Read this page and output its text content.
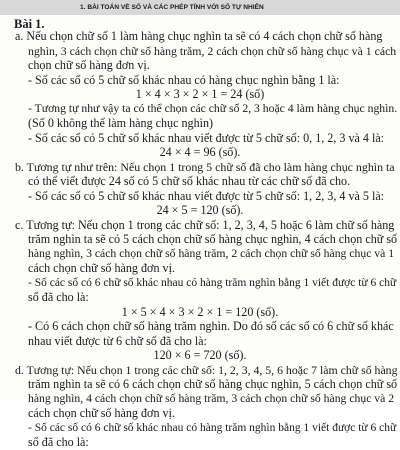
1. BÀI TOÁN VỀ SỐ VÀ CÁC PHÉP TÍNH VỚI SỐ TỰ NHIÊN
Bài 1.
a. Nếu chọn chữ số 1 làm hàng chục nghìn ta sẽ có 4 cách chọn chữ số hàng
nghìn, 3 cách chọn chữ số hàng trăm, 2 cách chọn chữ số hàng chục và 1 cách
chọn chữ số hàng đơn vị.
- Số các số có 5 chữ số khác nhau có hàng chục nghìn bằng 1 là:
1 × 4 × 3 × 2 × 1 = 24 (số)
- Tương tự như vậy ta có thể chọn các chữ số 2, 3 hoặc 4 làm hàng chục nghìn.
(Số 0 không thể làm hàng chục nghìn)
- Số các số có 5 chữ số khác nhau viết được từ 5 chữ số: 0, 1, 2, 3 và 4 là:
24 × 4 = 96 (số).
b. Tương tự như trên: Nếu chọn 1 trong 5 chữ số đã cho làm hàng chục nghìn ta
có thể viết được 24 số có 5 chữ số khác nhau từ các chữ số đã cho.
- Số các số có 5 chữ số khác nhau viết được từ 5 chữ số: 1, 2, 3, 4 và 5 là:
24 × 5 = 120 (số).
c. Tương tự: Nếu chọn 1 trong các chữ số: 1, 2, 3, 4, 5 hoặc 6 làm chữ số hàng
trăm nghìn ta sẽ có 5 cách chọn chữ số hàng chục nghìn, 4 cách chọn chữ số
hàng nghìn, 3 cách chọn chữ số hàng trăm, 2 cách chọn chữ số hàng chục và 1
cách chọn chữ số hàng đơn vị.
- Số các số có 6 chữ số khác nhau có hàng trăm nghìn bằng 1 viết được từ 6 chữ
số đã cho là:
1 × 5 × 4 × 3 × 2 × 1 = 120 (số).
- Có 6 cách chọn chữ số hàng trăm nghìn. Do đó số các số có 6 chữ số khác
nhau viết được từ 6 chữ số đã cho là:
120 × 6 = 720 (số).
d. Tương tự: Nếu chọn 1 trong các chữ số: 1, 2, 3, 4, 5, 6 hoặc 7 làm chữ số hàng
trăm nghìn ta sẽ có 6 cách chọn chữ số hàng chục nghìn, 5 cách chọn chữ số
hàng nghìn, 4 cách chọn chữ số hàng trăm, 3 cách chọn chữ số hàng chục và 2
cách chọn chữ số hàng đơn vị.
- Số các số có 6 chữ số khác nhau có hàng trăm nghìn bằng 1 viết được từ 6 chữ
số đã cho là:
